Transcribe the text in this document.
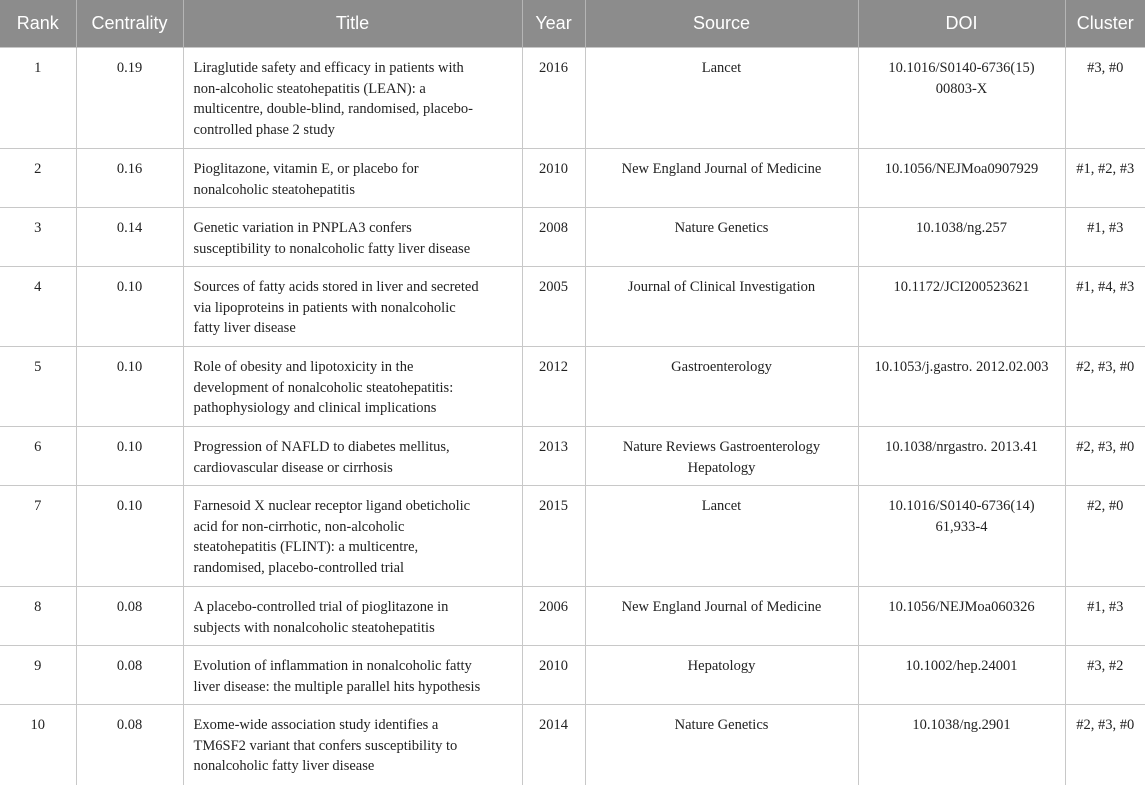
Rank	Centrality	Title	Year	Source	DOI	Cluster
1	0.19	Liraglutide safety and efficacy in patients with
non-alcoholic steatohepatitis (LEAN): a
multicentre, double-blind, randomised, placebo-
controlled phase 2 study	2016	Lancet	10.1016/S0140-6736(15)
00803-X	#3, #0
2	0.16	Pioglitazone, vitamin E, or placebo for
nonalcoholic steatohepatitis	2010	New England Journal of Medicine	10.1056/NEJMoa0907929	#1, #2, #3
3	0.14	Genetic variation in PNPLA3 confers
susceptibility to nonalcoholic fatty liver disease	2008	Nature Genetics	10.1038/ng.257	#1, #3
4	0.10	Sources of fatty acids stored in liver and secreted
via lipoproteins in patients with nonalcoholic
fatty liver disease	2005	Journal of Clinical Investigation	10.1172/JCI200523621	#1, #4, #3
5	0.10	Role of obesity and lipotoxicity in the
development of nonalcoholic steatohepatitis:
pathophysiology and clinical implications	2012	Gastroenterology	10.1053/j.gastro. 2012.02.003	#2, #3, #0
6	0.10	Progression of NAFLD to diabetes mellitus,
cardiovascular disease or cirrhosis	2013	Nature Reviews Gastroenterology
Hepatology	10.1038/nrgastro. 2013.41	#2, #3, #0
7	0.10	Farnesoid X nuclear receptor ligand obeticholic
acid for non-cirrhotic, non-alcoholic
steatohepatitis (FLINT): a multicentre,
randomised, placebo-controlled trial	2015	Lancet	10.1016/S0140-6736(14)
61,933-4	#2, #0
8	0.08	A placebo-controlled trial of pioglitazone in
subjects with nonalcoholic steatohepatitis	2006	New England Journal of Medicine	10.1056/NEJMoa060326	#1, #3
9	0.08	Evolution of inflammation in nonalcoholic fatty
liver disease: the multiple parallel hits hypothesis	2010	Hepatology	10.1002/hep.24001	#3, #2
10	0.08	Exome-wide association study identifies a
TM6SF2 variant that confers susceptibility to
nonalcoholic fatty liver disease	2014	Nature Genetics	10.1038/ng.2901	#2, #3, #0
